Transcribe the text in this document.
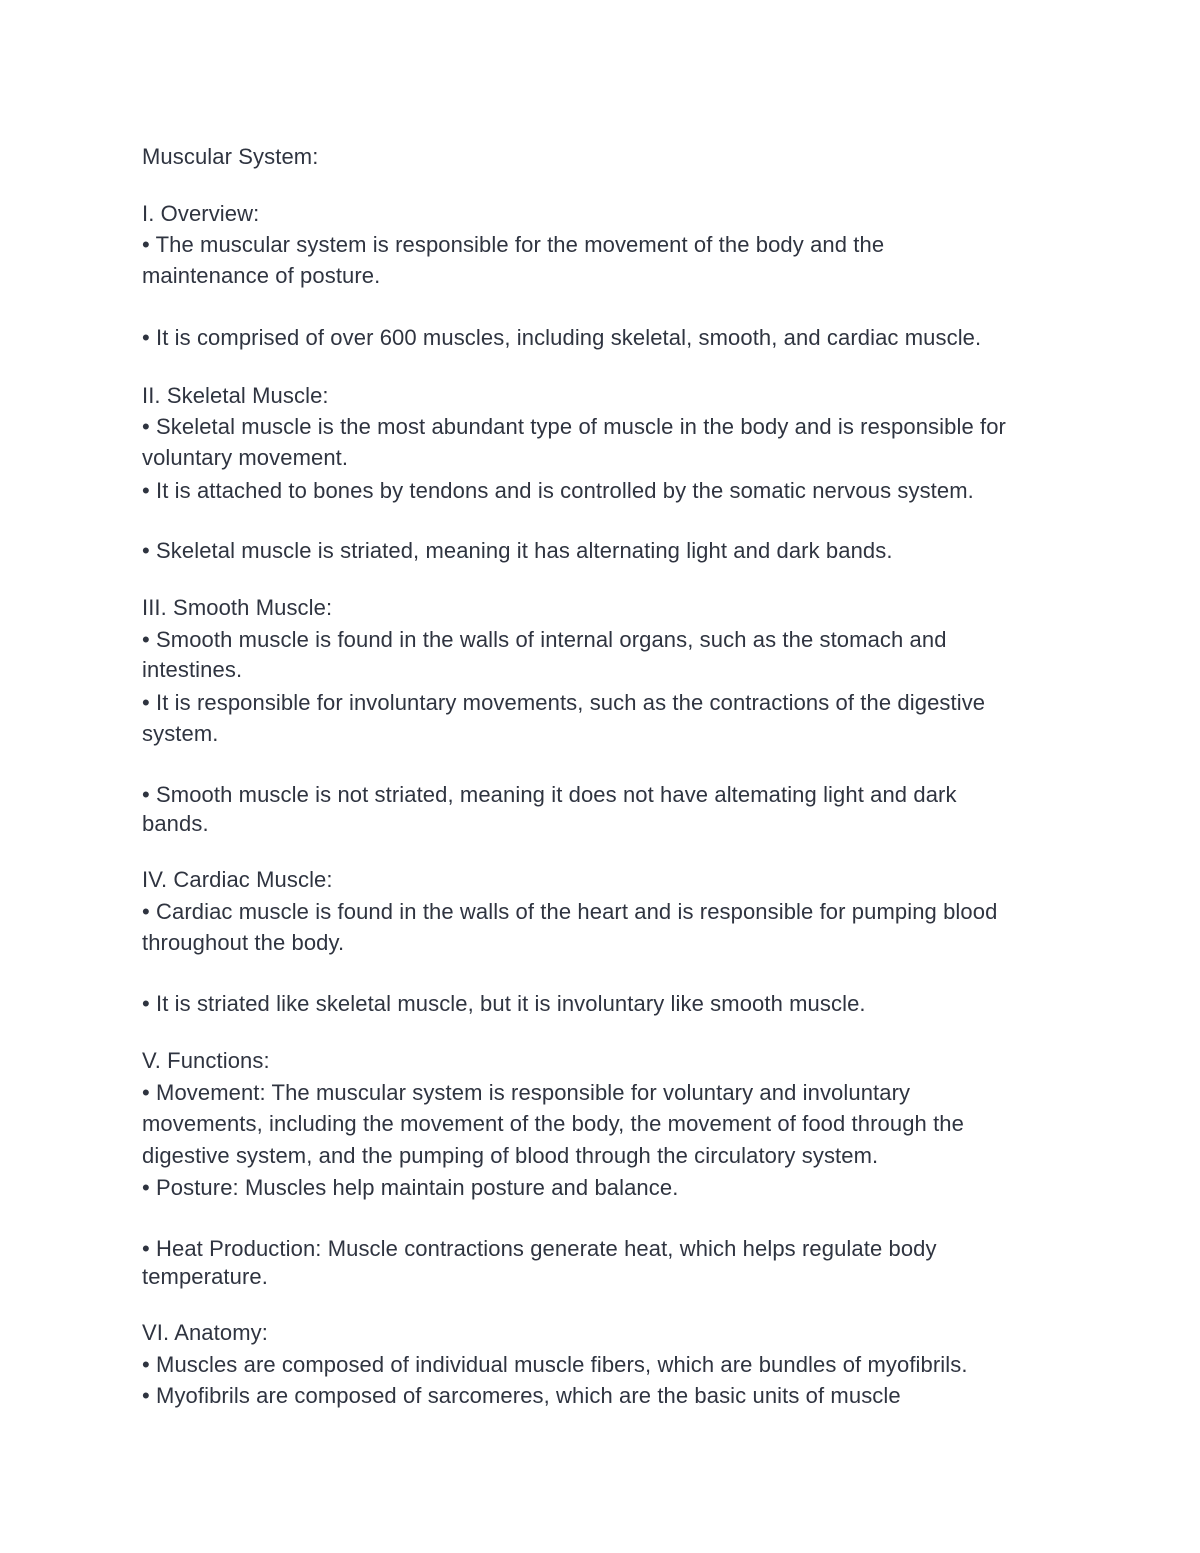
Muscular System:
I. Overview:
• The muscular system is responsible for the movement of the body and the
maintenance of posture.
• It is comprised of over 600 muscles, including skeletal, smooth, and cardiac muscle.
II. Skeletal Muscle:
• Skeletal muscle is the most abundant type of muscle in the body and is responsible for
voluntary movement.
• It is attached to bones by tendons and is controlled by the somatic nervous system.
• Skeletal muscle is striated, meaning it has alternating light and dark bands.
III. Smooth Muscle:
• Smooth muscle is found in the walls of internal organs, such as the stomach and
intestines.
• It is responsible for involuntary movements, such as the contractions of the digestive
system.
• Smooth muscle is not striated, meaning it does not have altemating light and dark
bands.
IV. Cardiac Muscle:
• Cardiac muscle is found in the walls of the heart and is responsible for pumping blood
throughout the body.
• It is striated like skeletal muscle, but it is involuntary like smooth muscle.
V. Functions:
• Movement: The muscular system is responsible for voluntary and involuntary
movements, including the movement of the body, the movement of food through the
digestive system, and the pumping of blood through the circulatory system.
• Posture: Muscles help maintain posture and balance.
• Heat Production: Muscle contractions generate heat, which helps regulate body
temperature.
VI. Anatomy:
• Muscles are composed of individual muscle fibers, which are bundles of myofibrils.
• Myofibrils are composed of sarcomeres, which are the basic units of muscle
